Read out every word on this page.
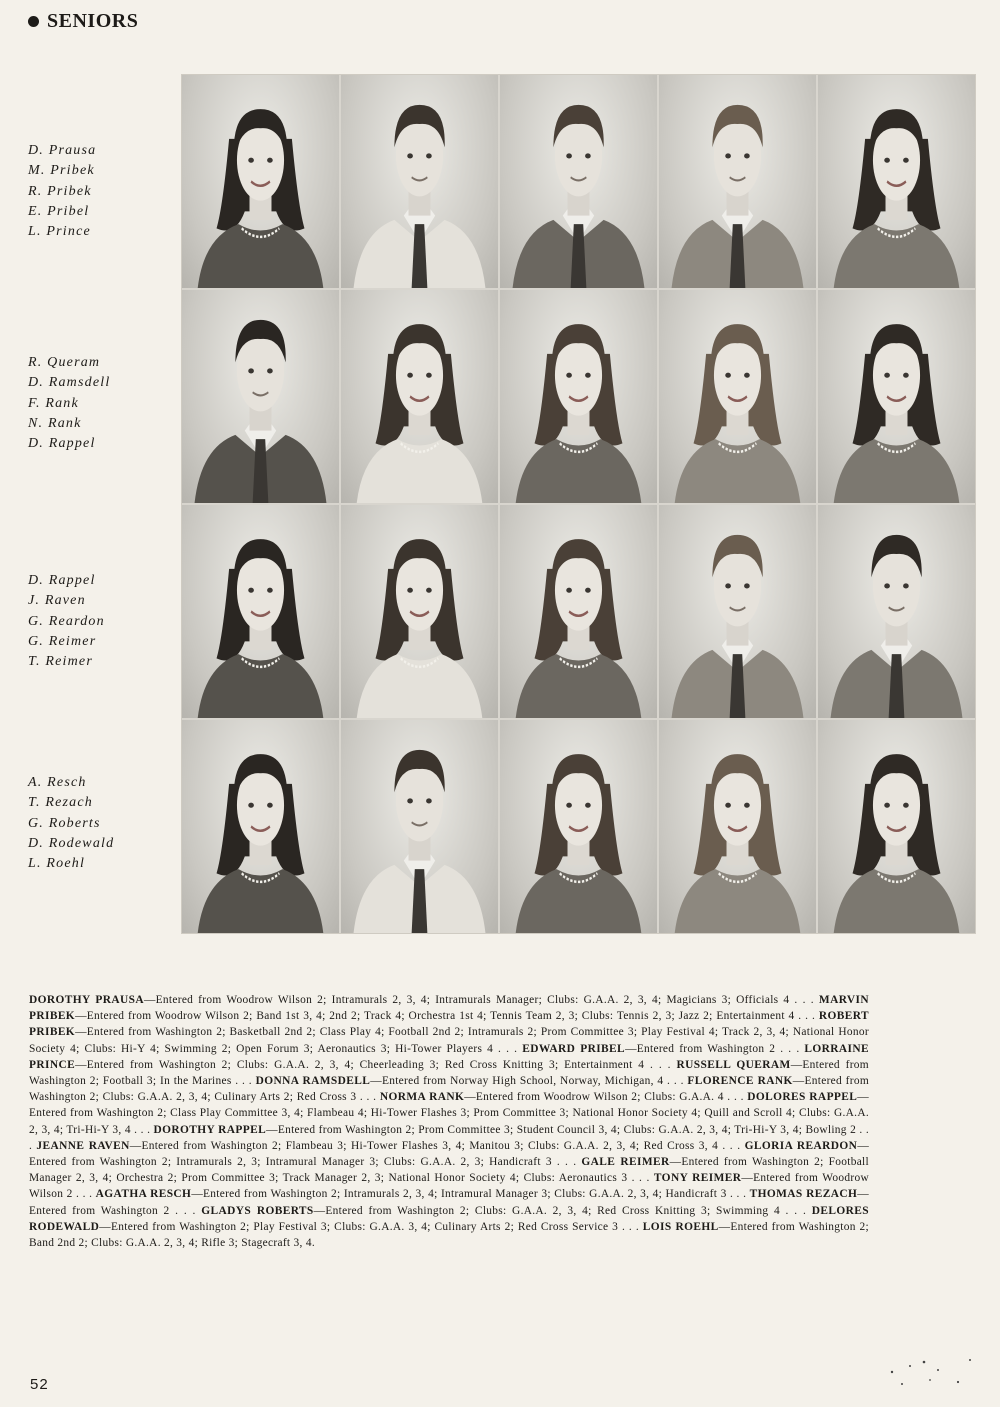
SENIORS
D. Prausa
M. Pribek
R. Pribek
E. Pribel
L. Prince
R. Queram
D. Ramsdell
F. Rank
N. Rank
D. Rappel
D. Rappel
J. Raven
G. Reardon
G. Reimer
T. Reimer
A. Resch
T. Rezach
G. Roberts
D. Rodewald
L. Roehl
DOROTHY PRAUSA—Entered from Woodrow Wilson 2; Intramurals 2, 3, 4; Intramurals Manager; Clubs: G.A.A. 2, 3, 4; Magicians 3; Officials 4 . . . MARVIN PRIBEK—Entered from Woodrow Wilson 2; Band 1st 3, 4; 2nd 2; Track 4; Orchestra 1st 4; Tennis Team 2, 3; Clubs: Tennis 2, 3; Jazz 2; Entertainment 4 . . . ROBERT PRIBEK—Entered from Washington 2; Basketball 2nd 2; Class Play 4; Football 2nd 2; Intramurals 2; Prom Committee 3; Play Festival 4; Track 2, 3, 4; National Honor Society 4; Clubs: Hi-Y 4; Swimming 2; Open Forum 3; Aeronautics 3; Hi-Tower Players 4 . . . EDWARD PRIBEL—Entered from Washington 2 . . . LORRAINE PRINCE—Entered from Washington 2; Clubs: G.A.A. 2, 3, 4; Cheerleading 3; Red Cross Knitting 3; Entertainment 4 . . . RUSSELL QUERAM—Entered from Washington 2; Football 3; In the Marines . . . DONNA RAMSDELL—Entered from Norway High School, Norway, Michigan, 4 . . . FLORENCE RANK—Entered from Washington 2; Clubs: G.A.A. 2, 3, 4; Culinary Arts 2; Red Cross 3 . . . NORMA RANK—Entered from Woodrow Wilson 2; Clubs: G.A.A. 4 . . . DOLORES RAPPEL—Entered from Washington 2; Class Play Committee 3, 4; Flambeau 4; Hi-Tower Flashes 3; Prom Committee 3; National Honor Society 4; Quill and Scroll 4; Clubs: G.A.A. 2, 3, 4; Tri-Hi-Y 3, 4 . . . DOROTHY RAPPEL—Entered from Washington 2; Prom Committee 3; Student Council 3, 4; Clubs: G.A.A. 2, 3, 4; Tri-Hi-Y 3, 4; Bowling 2 . . . JEANNE RAVEN—Entered from Washington 2; Flambeau 3; Hi-Tower Flashes 3, 4; Manitou 3; Clubs: G.A.A. 2, 3, 4; Red Cross 3, 4 . . . GLORIA REARDON—Entered from Washington 2; Intramurals 2, 3; Intramural Manager 3; Clubs: G.A.A. 2, 3; Handicraft 3 . . . GALE REIMER—Entered from Washington 2; Football Manager 2, 3, 4; Orchestra 2; Prom Committee 3; Track Manager 2, 3; National Honor Society 4; Clubs: Aeronautics 3 . . . TONY REIMER—Entered from Woodrow Wilson 2 . . . AGATHA RESCH—Entered from Washington 2; Intramurals 2, 3, 4; Intramural Manager 3; Clubs: G.A.A. 2, 3, 4; Handicraft 3 . . . THOMAS REZACH—Entered from Washington 2 . . . GLADYS ROBERTS—Entered from Washington 2; Clubs: G.A.A. 2, 3, 4; Red Cross Knitting 3; Swimming 4 . . . DELORES RODEWALD—Entered from Washington 2; Play Festival 3; Clubs: G.A.A. 3, 4; Culinary Arts 2; Red Cross Service 3 . . . LOIS ROEHL—Entered from Washington 2; Band 2nd 2; Clubs: G.A.A. 2, 3, 4; Rifle 3; Stagecraft 3, 4.
52
